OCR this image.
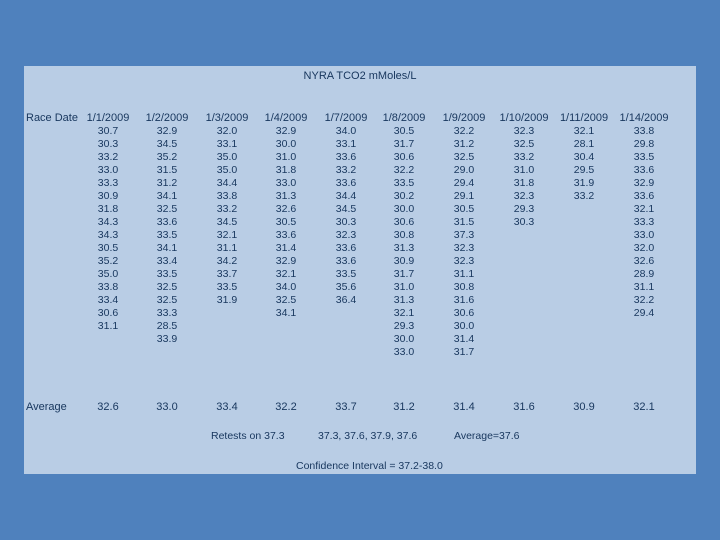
NYRA TCO2 mMoles/L
Race Date
Average
1/1/2009
30.7
30.3
33.2
33.0
33.3
30.9
31.8
34.3
34.3
30.5
35.2
35.0
33.8
33.4
30.6
31.1
32.6
1/2/2009
32.9
34.5
35.2
31.5
31.2
34.1
32.5
33.6
33.5
34.1
33.4
33.5
32.5
32.5
33.3
28.5
33.9
33.0
1/3/2009
32.0
33.1
35.0
35.0
34.4
33.8
33.2
34.5
32.1
31.1
34.2
33.7
33.5
31.9
33.4
1/4/2009
32.9
30.0
31.0
31.8
33.0
31.3
32.6
30.5
33.6
31.4
32.9
32.1
34.0
32.5
34.1
32.2
1/7/2009
34.0
33.1
33.6
33.2
33.6
34.4
34.5
30.3
32.3
33.6
33.6
33.5
35.6
36.4
33.7
1/8/2009
30.5
31.7
30.6
32.2
33.5
30.2
30.0
30.6
30.8
31.3
30.9
31.7
31.0
31.3
32.1
29.3
30.0
33.0
31.2
1/9/2009
32.2
31.2
32.5
29.0
29.4
29.1
30.5
31.5
37.3
32.3
32.3
31.1
30.8
31.6
30.6
30.0
31.4
31.7
31.4
1/10/2009
32.3
32.5
33.2
31.0
31.8
32.3
29.3
30.3
31.6
1/11/2009
32.1
28.1
30.4
29.5
31.9
33.2
30.9
1/14/2009
33.8
29.8
33.5
33.6
32.9
33.6
32.1
33.3
33.0
32.0
32.6
28.9
31.1
32.2
29.4
32.1
Retests on 37.3	37.3, 37.6, 37.9, 37.6	Average=37.6
Confidence Interval = 37.2-38.0
